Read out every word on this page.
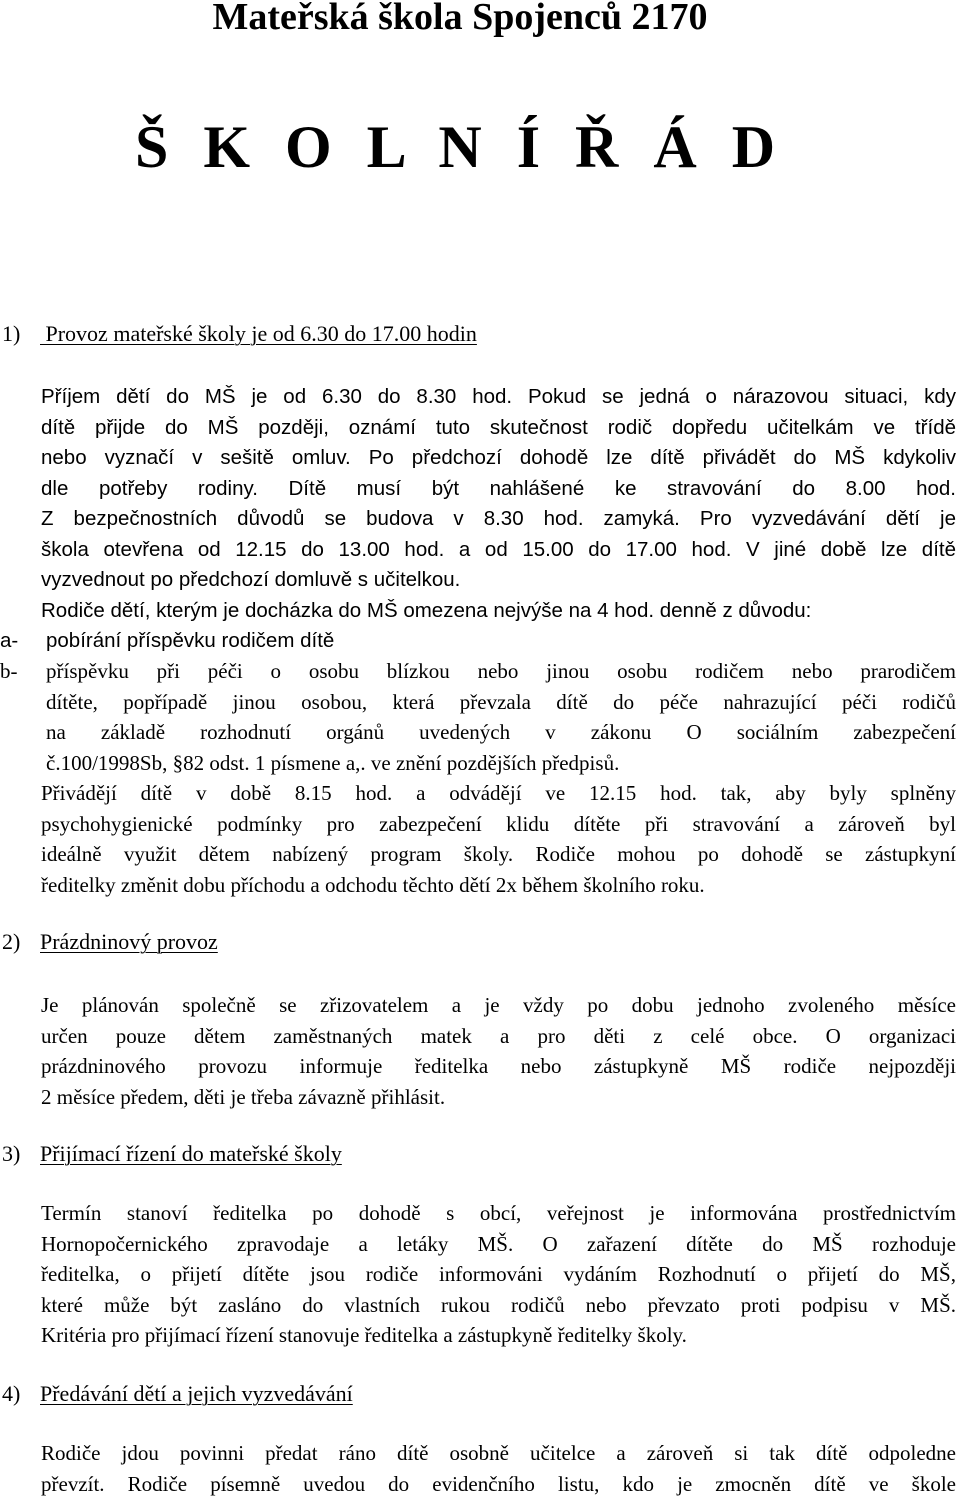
Mateřská škola Spojenců 2170
Š K O L N Í Ř Á D
1) Provoz mateřské školy je od 6.30 do 17.00 hodin
Příjem dětí do MŠ je od 6.30 do 8.30 hod. Pokud se jedná o nárazovou situaci, kdy
dítě přijde do MŠ později, oznámí tuto skutečnost rodič dopředu učitelkám ve třídě
nebo vyznačí v sešitě omluv. Po předchozí dohodě lze dítě přivádět do MŠ kdykoliv
dle potřeby rodiny. Dítě musí být nahlášené ke stravování do 8.00 hod.
Z bezpečnostních důvodů se budova v 8.30 hod. zamyká. Pro vyzvedávání dětí je
škola otevřena od 12.15 do 13.00 hod. a od 15.00 do 17.00 hod. V jiné době lze dítě
vyzvednout po předchozí domluvě s učitelkou.
Rodiče dětí, kterým je docházka do MŠ omezena nejvýše na 4 hod. denně z důvodu:
a- pobírání příspěvku rodičem dítě
b- příspěvku při péči o osobu blízkou nebo jinou osobu rodičem nebo prarodičem
dítěte, popřípadě jinou osobou, která převzala dítě do péče nahrazující péči rodičů
na základě rozhodnutí orgánů uvedených v zákonu O sociálním zabezpečení
č.100/1998Sb, §82 odst. 1 písmene a,. ve znění pozdějších předpisů.
Přivádějí dítě v době 8.15 hod. a odvádějí ve 12.15 hod. tak, aby byly splněny
psychohygienické podmínky pro zabezpečení klidu dítěte při stravování a zároveň byl
ideálně využit dětem nabízený program školy. Rodiče mohou po dohodě se zástupkyní
ředitelky změnit dobu příchodu a odchodu těchto dětí 2x během školního roku.
2) Prázdninový provoz
Je plánován společně se zřizovatelem a je vždy po dobu jednoho zvoleného měsíce
určen pouze dětem zaměstnaných matek a pro děti z celé obce. O organizaci
prázdninového provozu informuje ředitelka nebo zástupkyně MŠ rodiče nejpozději
2 měsíce předem, děti je třeba závazně přihlásit.
3) Přijímací řízení do mateřské školy
Termín stanoví ředitelka po dohodě s obcí, veřejnost je informována prostřednictvím
Hornopočernického zpravodaje a letáky MŠ. O zařazení dítěte do MŠ rozhoduje
ředitelka, o přijetí dítěte jsou rodiče informováni vydáním Rozhodnutí o přijetí do MŠ,
které může být zasláno do vlastních rukou rodičů nebo převzato proti podpisu v MŠ.
Kritéria pro přijímací řízení stanovuje ředitelka a zástupkyně ředitelky školy.
4) Předávání dětí a jejich vyzvedávání
Rodiče jdou povinni předat ráno dítě osobně učitelce a zároveň si tak dítě odpoledne
převzít. Rodiče písemně uvedou do evidenčního listu, kdo je zmocněn dítě ve škole
